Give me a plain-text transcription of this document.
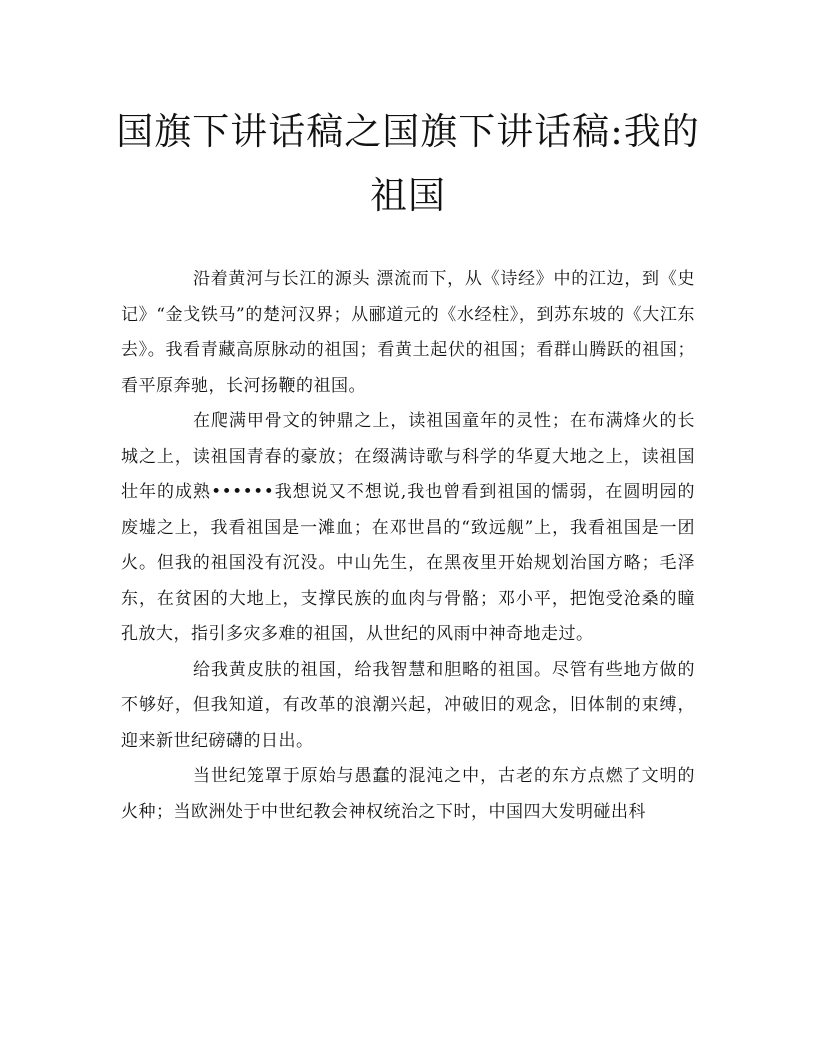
国旗下讲话稿之国旗下讲话稿:我的祖国

沿着黄河与长江的源头 漂流而下，从《诗经》中的江边，到《史记》“金戈铁马”的楚河汉界；从郦道元的《水经柱》，到苏东坡的《大江东去》。我看青藏高原脉动的祖国；看黄土起伏的祖国；看群山腾跃的祖国；看平原奔驰，长河扬鞭的祖国。

在爬满甲骨文的钟鼎之上，读祖国童年的灵性；在布满烽火的长城之上，读祖国青春的豪放；在缀满诗歌与科学的华夏大地之上，读祖国壮年的成熟••••••我想说又不想说,我也曾看到祖国的懦弱，在圆明园的废墟之上，我看祖国是一滩血；在邓世昌的“致远舰”上，我看祖国是一团火。但我的祖国没有沉没。中山先生，在黑夜里开始规划治国方略；毛泽东，在贫困的大地上，支撑民族的血肉与骨骼；邓小平，把饱受沧桑的瞳孔放大，指引多灾多难的祖国，从世纪的风雨中神奇地走过。

给我黄皮肤的祖国，给我智慧和胆略的祖国。尽管有些地方做的不够好，但我知道，有改革的浪潮兴起，冲破旧的观念，旧体制的束缚，迎来新世纪磅礴的日出。

当世纪笼罩于原始与愚蠢的混沌之中，古老的东方点燃了文明的火种；当欧洲处于中世纪教会神权统治之下时，中国四大发明碰出科
